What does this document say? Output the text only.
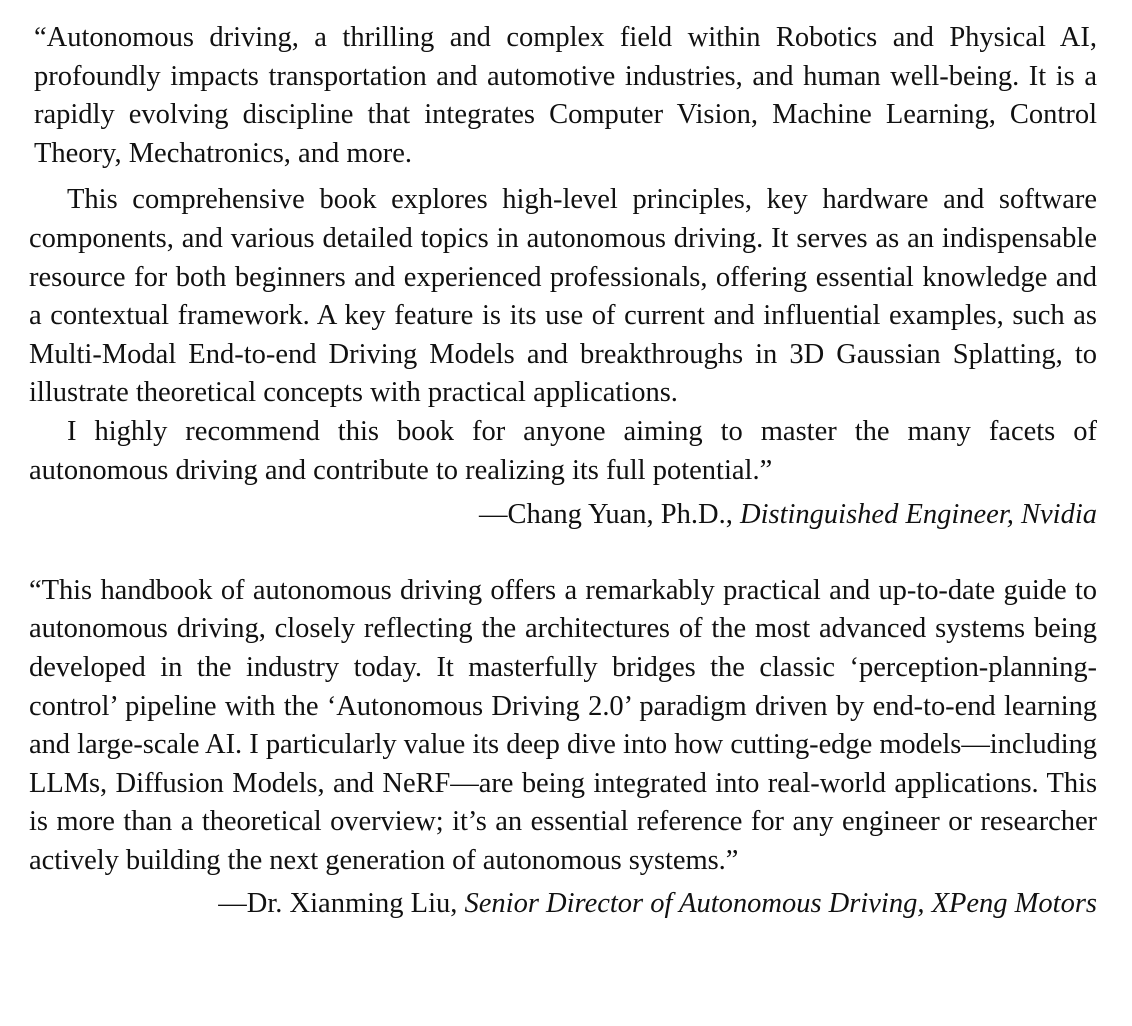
“Autonomous driving, a thrilling and complex field within Robotics and Physical AI, profoundly impacts transportation and automotive industries, and human well-being. It is a rapidly evolving discipline that integrates Computer Vision, Machine Learning, Control Theory, Mechatronics, and more.

This comprehensive book explores high-level principles, key hardware and software components, and various detailed topics in autonomous driving. It serves as an indispensable resource for both beginners and experienced professionals, offering essential knowledge and a contextual framework. A key feature is its use of current and influential examples, such as Multi-Modal End-to-end Driving Models and breakthroughs in 3D Gaussian Splatting, to illustrate theoretical concepts with practical applications.

I highly recommend this book for anyone aiming to master the many facets of autonomous driving and contribute to realizing its full potential.”

—Chang Yuan, Ph.D., Distinguished Engineer, Nvidia

“This handbook of autonomous driving offers a remarkably practical and up-to-date guide to autonomous driving, closely reflecting the architectures of the most advanced systems being developed in the industry today. It masterfully bridges the classic ‘perception-planning-control’ pipeline with the ‘Autonomous Driving 2.0’ paradigm driven by end-to-end learning and large-scale AI. I particularly value its deep dive into how cutting-edge models—including LLMs, Diffusion Models, and NeRF—​are being integrated into real-world applications. This is more than a theoretical overview; it’s an essential reference for any engineer or researcher actively building the next generation of autonomous systems.”

—Dr. Xianming Liu, Senior Director of Autonomous Driving, XPeng Motors
